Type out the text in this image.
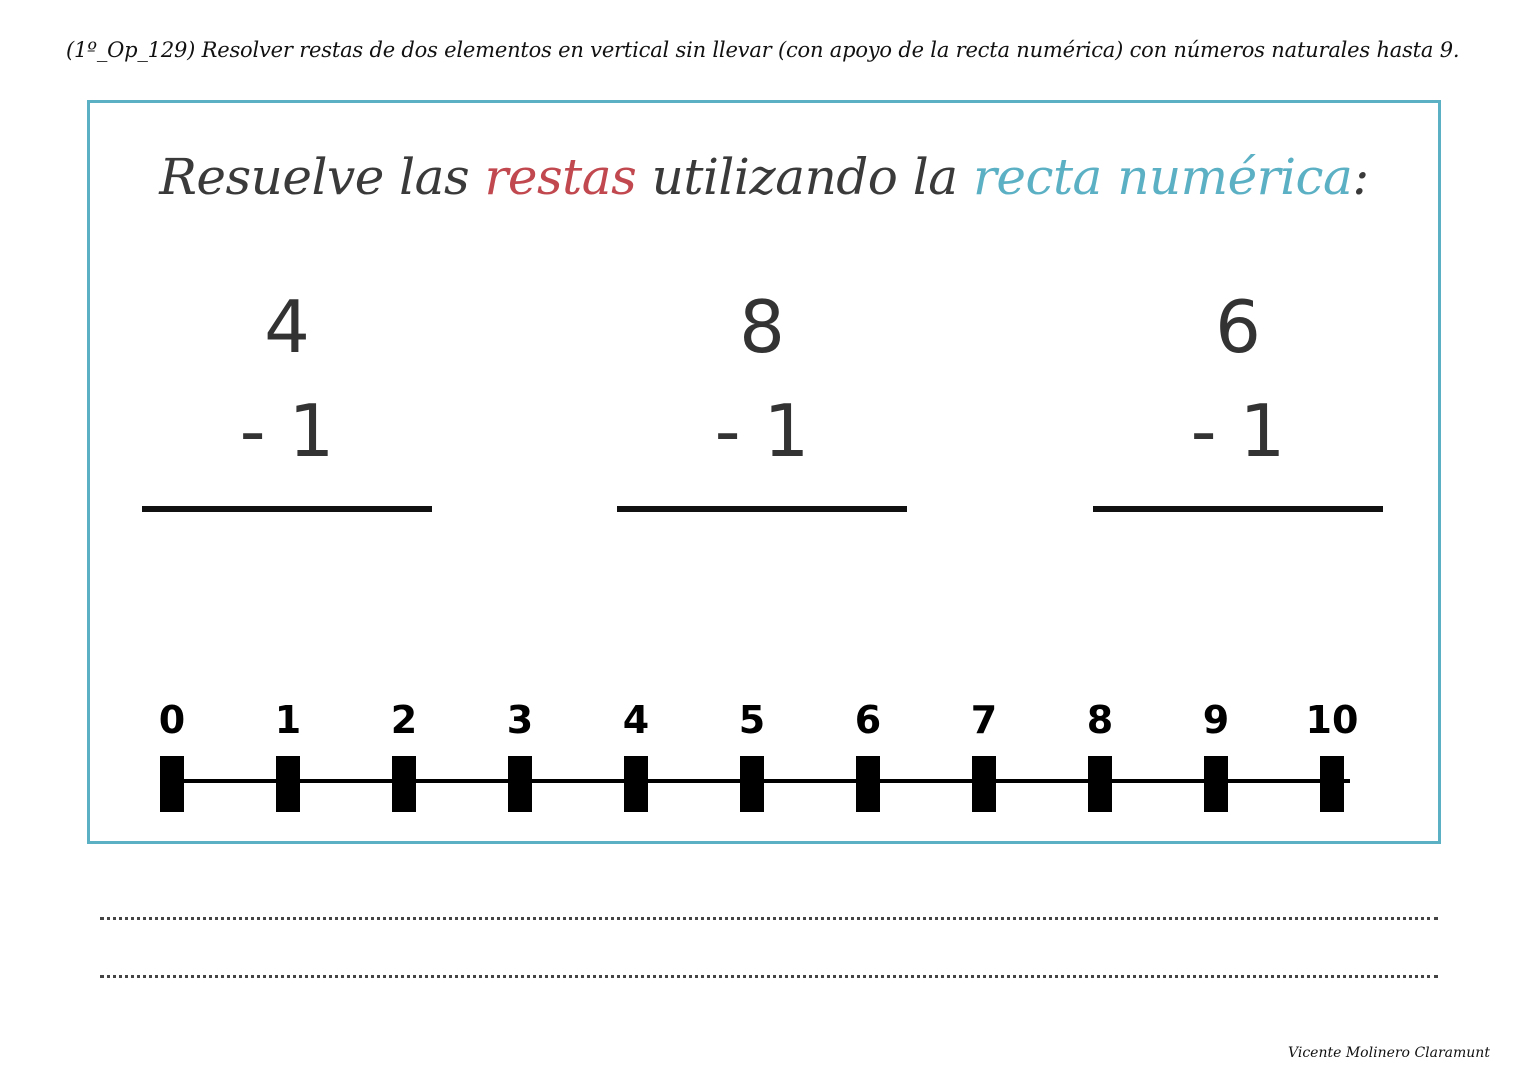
(1º_Op_129) Resolver restas de dos elementos en vertical sin llevar (con apoyo de la recta numérica) con números naturales hasta 9.
Resuelve las restas utilizando la recta numérica:
4
- 1
8
- 1
6
- 1
0	1	2	3	4	5	6	7	8	9	10
Vicente Molinero Claramunt
